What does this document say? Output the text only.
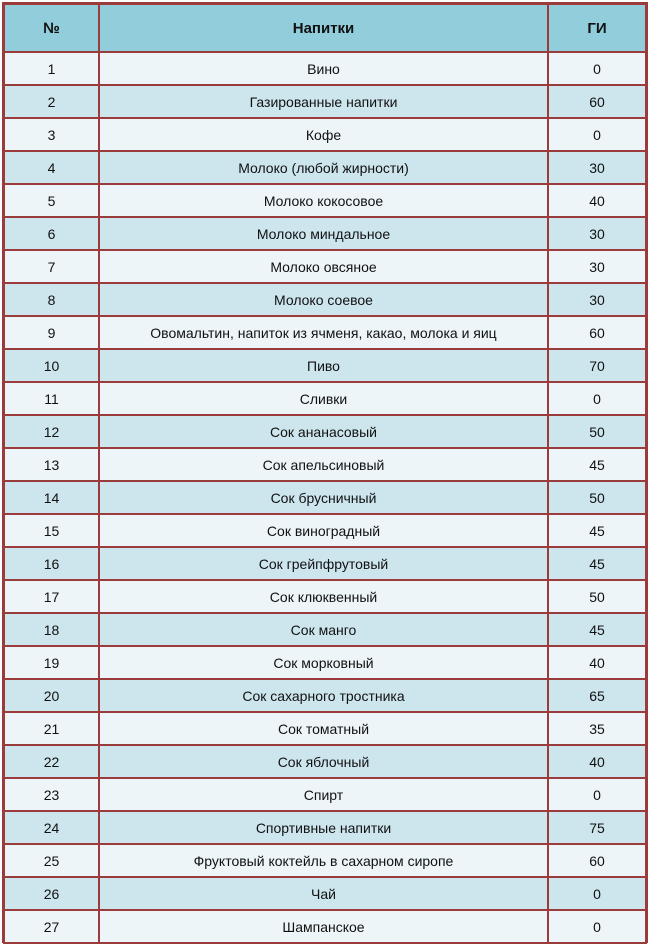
№	Напитки	ГИ
1	Вино	0
2	Газированные напитки	60
3	Кофе	0
4	Молоко (любой жирности)	30
5	Молоко кокосовое	40
6	Молоко миндальное	30
7	Молоко овсяное	30
8	Молоко соевое	30
9	Овомальтин, напиток из ячменя, какао, молока и яиц	60
10	Пиво	70
11	Сливки	0
12	Сок ананасовый	50
13	Сок апельсиновый	45
14	Сок брусничный	50
15	Сок виноградный	45
16	Сок грейпфрутовый	45
17	Сок клюквенный	50
18	Сок манго	45
19	Сок морковный	40
20	Сок сахарного тростника	65
21	Сок томатный	35
22	Сок яблочный	40
23	Спирт	0
24	Спортивные напитки	75
25	Фруктовый коктейль в сахарном сиропе	60
26	Чай	0
27	Шампанское	0
